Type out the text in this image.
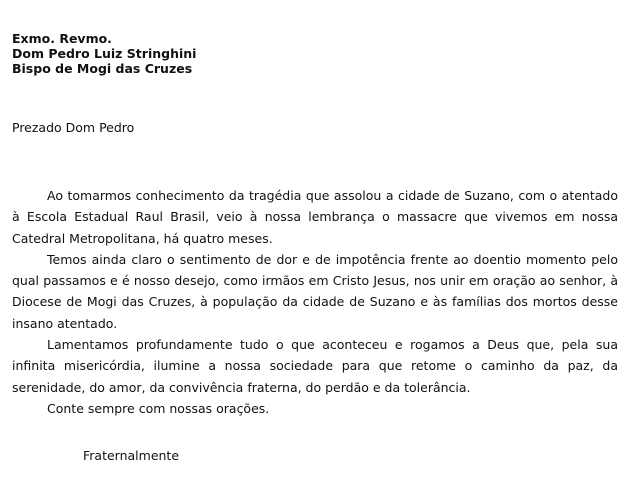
Exmo. Revmo.
Dom Pedro Luiz Stringhini
Bispo de Mogi das Cruzes
Prezado Dom Pedro

Ao tomarmos conhecimento da tragédia que assolou a cidade de Suzano, com o atentado à Escola Estadual Raul Brasil, veio à nossa lembrança o massacre que vivemos em nossa Catedral Metropolitana, há quatro meses.

Temos ainda claro o sentimento de dor e de impotência frente ao doentio momento pelo qual passamos e é nosso desejo, como irmãos em Cristo Jesus, nos unir em oração ao senhor, à Diocese de Mogi das Cruzes, à população da cidade de Suzano e às famílias dos mortos desse insano atentado.

Lamentamos profundamente tudo o que aconteceu e rogamos a Deus que, pela sua infinita misericórdia, ilumine a nossa sociedade para que retome o caminho da paz, da serenidade, do amor, da convivência fraterna, do perdão e da tolerância.

Conte sempre com nossas orações.

Fraternalmente
